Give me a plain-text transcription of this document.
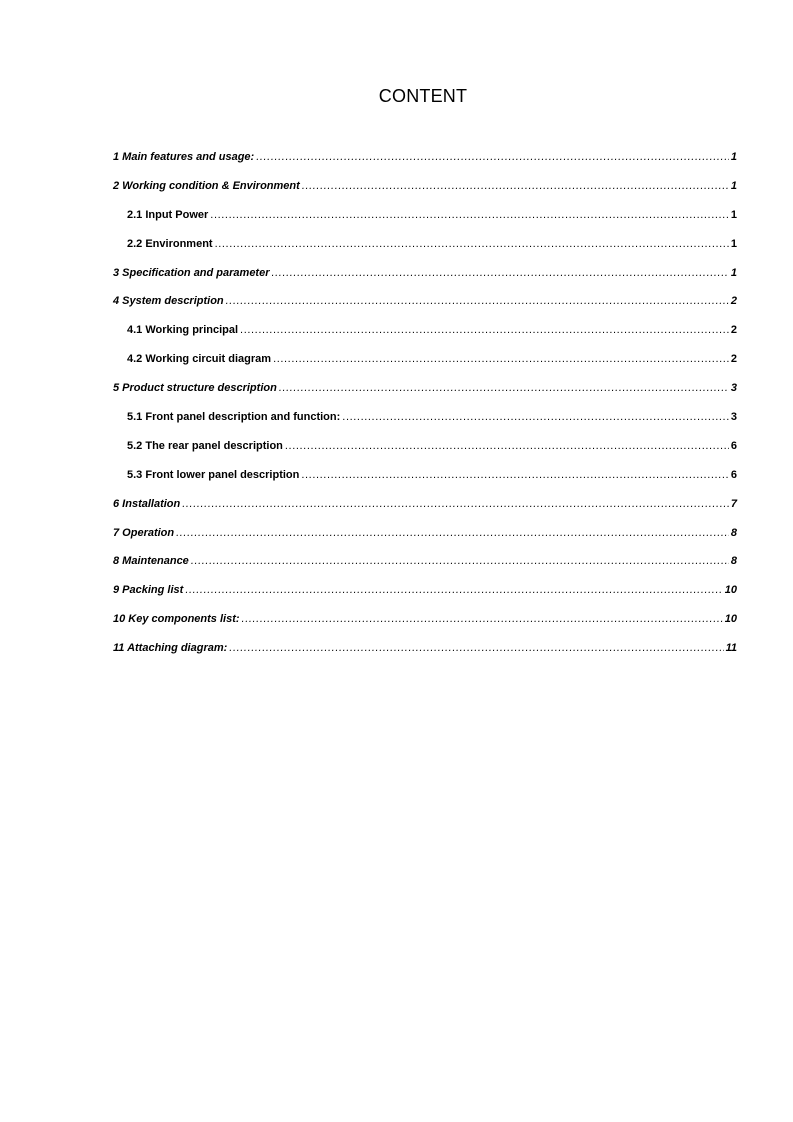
CONTENT
1 Main features and usage: .....	1
2 Working condition & Environment .....	1
2.1 Input Power .....	1
2.2 Environment .....	1
3 Specification and parameter .....	1
4 System description .....	2
4.1 Working principal .....	2
4.2 Working circuit diagram .....	2
5 Product structure description .....	3
5.1 Front panel description and function: .....	3
5.2 The rear panel description .....	6
5.3 Front lower panel description .....	6
6 Installation .....	7
7 Operation .....	8
8 Maintenance .....	8
9 Packing list .....	10
10 Key components list: .....	10
11 Attaching diagram: .....	11
